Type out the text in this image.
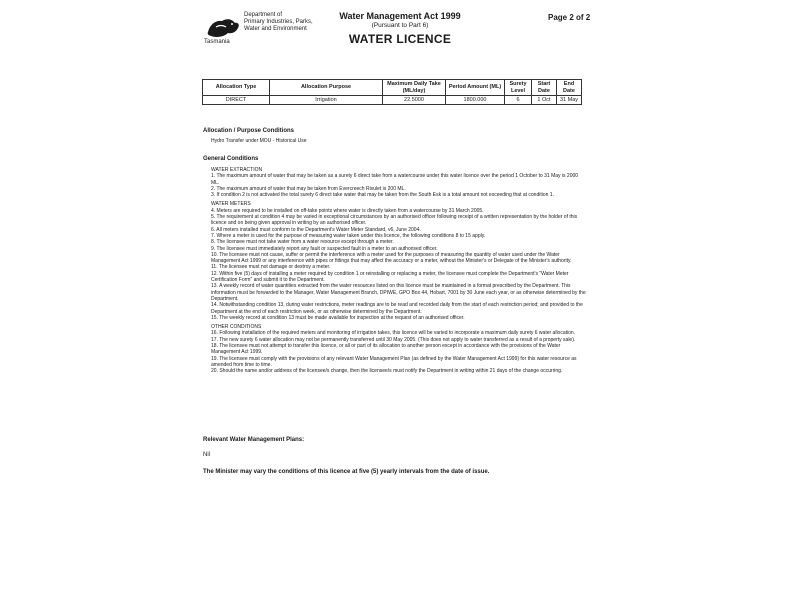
Department of
Primary Industries, Parks,
Water and Environment
Tasmania
Water Management Act 1999
(Pursuant to Part 6)
WATER LICENCE
Page 2 of 2
Allocation Type	Allocation Purpose	Maximum Daily Take (ML/day)	Period Amount (ML)	Surety Level	Start Date	End Date
DIRECT	Irrigation	22.5000	1800.000	6	1 Oct	31 May
Allocation / Purpose Conditions
Hydro Transfer under MOU - Historical Use
General Conditions

WATER EXTRACTION

1. The maximum amount of water that may be taken as a surety 6 direct take from a watercourse under this water licence over the period 1 October to 31 May is 2000 ML.

2. The maximum amount of water that may be taken from Evercreech Rivulet is 200 ML.

3. If condition 2 is not activated the total surety 6 direct take water that may be taken from the South Esk is a total amount not exceeding that at condition 1.

WATER METERS

4. Meters are required to be installed on off-take points where water is directly taken from a watercourse by 31 March 2005.

5. The requirement at condition 4 may be varied in exceptional circumstances by an authorised officer following receipt of a written representation by the holder of this licence and on being given approval in writing by an authorised officer.

6. All meters installed must conform to the Department's Water Meter Standard, v6, June 2004.

7. Where a meter is used for the purpose of measuring water taken under this licence, the following conditions 8 to 15 apply.

8. The licensee must not take water from a water resource except through a meter.

9. The licensee must immediately report any fault or suspected fault in a meter to an authorised officer.

10. The licensee must not cause, suffer or permit the interference with a meter used for the purposes of measuring the quantity of water used under the Water Management Act 1999 or any interference with pipes or fittings that may affect the accuracy or a meter, without the Minister's or Delegate of the Minister's authority.

11. The licensee must not damage or destroy a meter.

12. Within five (5) days of installing a meter required by condition 1 or reinstalling or replacing a meter, the licensee must complete the Department's "Water Meter Certification Form" and submit it to the Department.

13. A weekly record of water quantities extracted from the water resources listed on this licence must be maintained in a format prescribed by the Department. This information must be forwarded to the Manager, Water Management Branch, DPIWE, GPO Box 44, Hobart, 7001 by 30 June each year, or as otherwise determined by the Department.

14. Notwithstanding condition 13, during water restrictions, meter readings are to be read and recorded daily from the start of each restriction period; and provided to the Department at the end of each restriction week, or as otherwise determined by the Department.

15. The weekly record at condition 13 must be made available for inspection at the request of an authorised officer.

OTHER CONDITIONS

16. Following installation of the required meters and monitoring of irrigation takes, this licence will be varied to incorporate a maximum daily surety 6 water allocation.

17. The new surety 6 water allocation may not be permanently transferred until 30 May 2005. (This does not apply to water transferred as a result of a property sale).

18. The licensee must not attempt to transfer this licence, or all or part of its allocation to another person except in accordance with the provisions of the Water Management Act 1999.

19. The licensee must comply with the provisions of any relevant Water Management Plan (as defined by the Water Management Act 1999) for this water resource as amended from time to time.

20. Should the name and/or address of the licensee/s change, then the licensee/s must notify the Department in writing within 21 days of the change occurring.

Relevant Water Management Plans:
Nil
The Minister may vary the conditions of this licence at five (5) yearly intervals from the date of issue.
